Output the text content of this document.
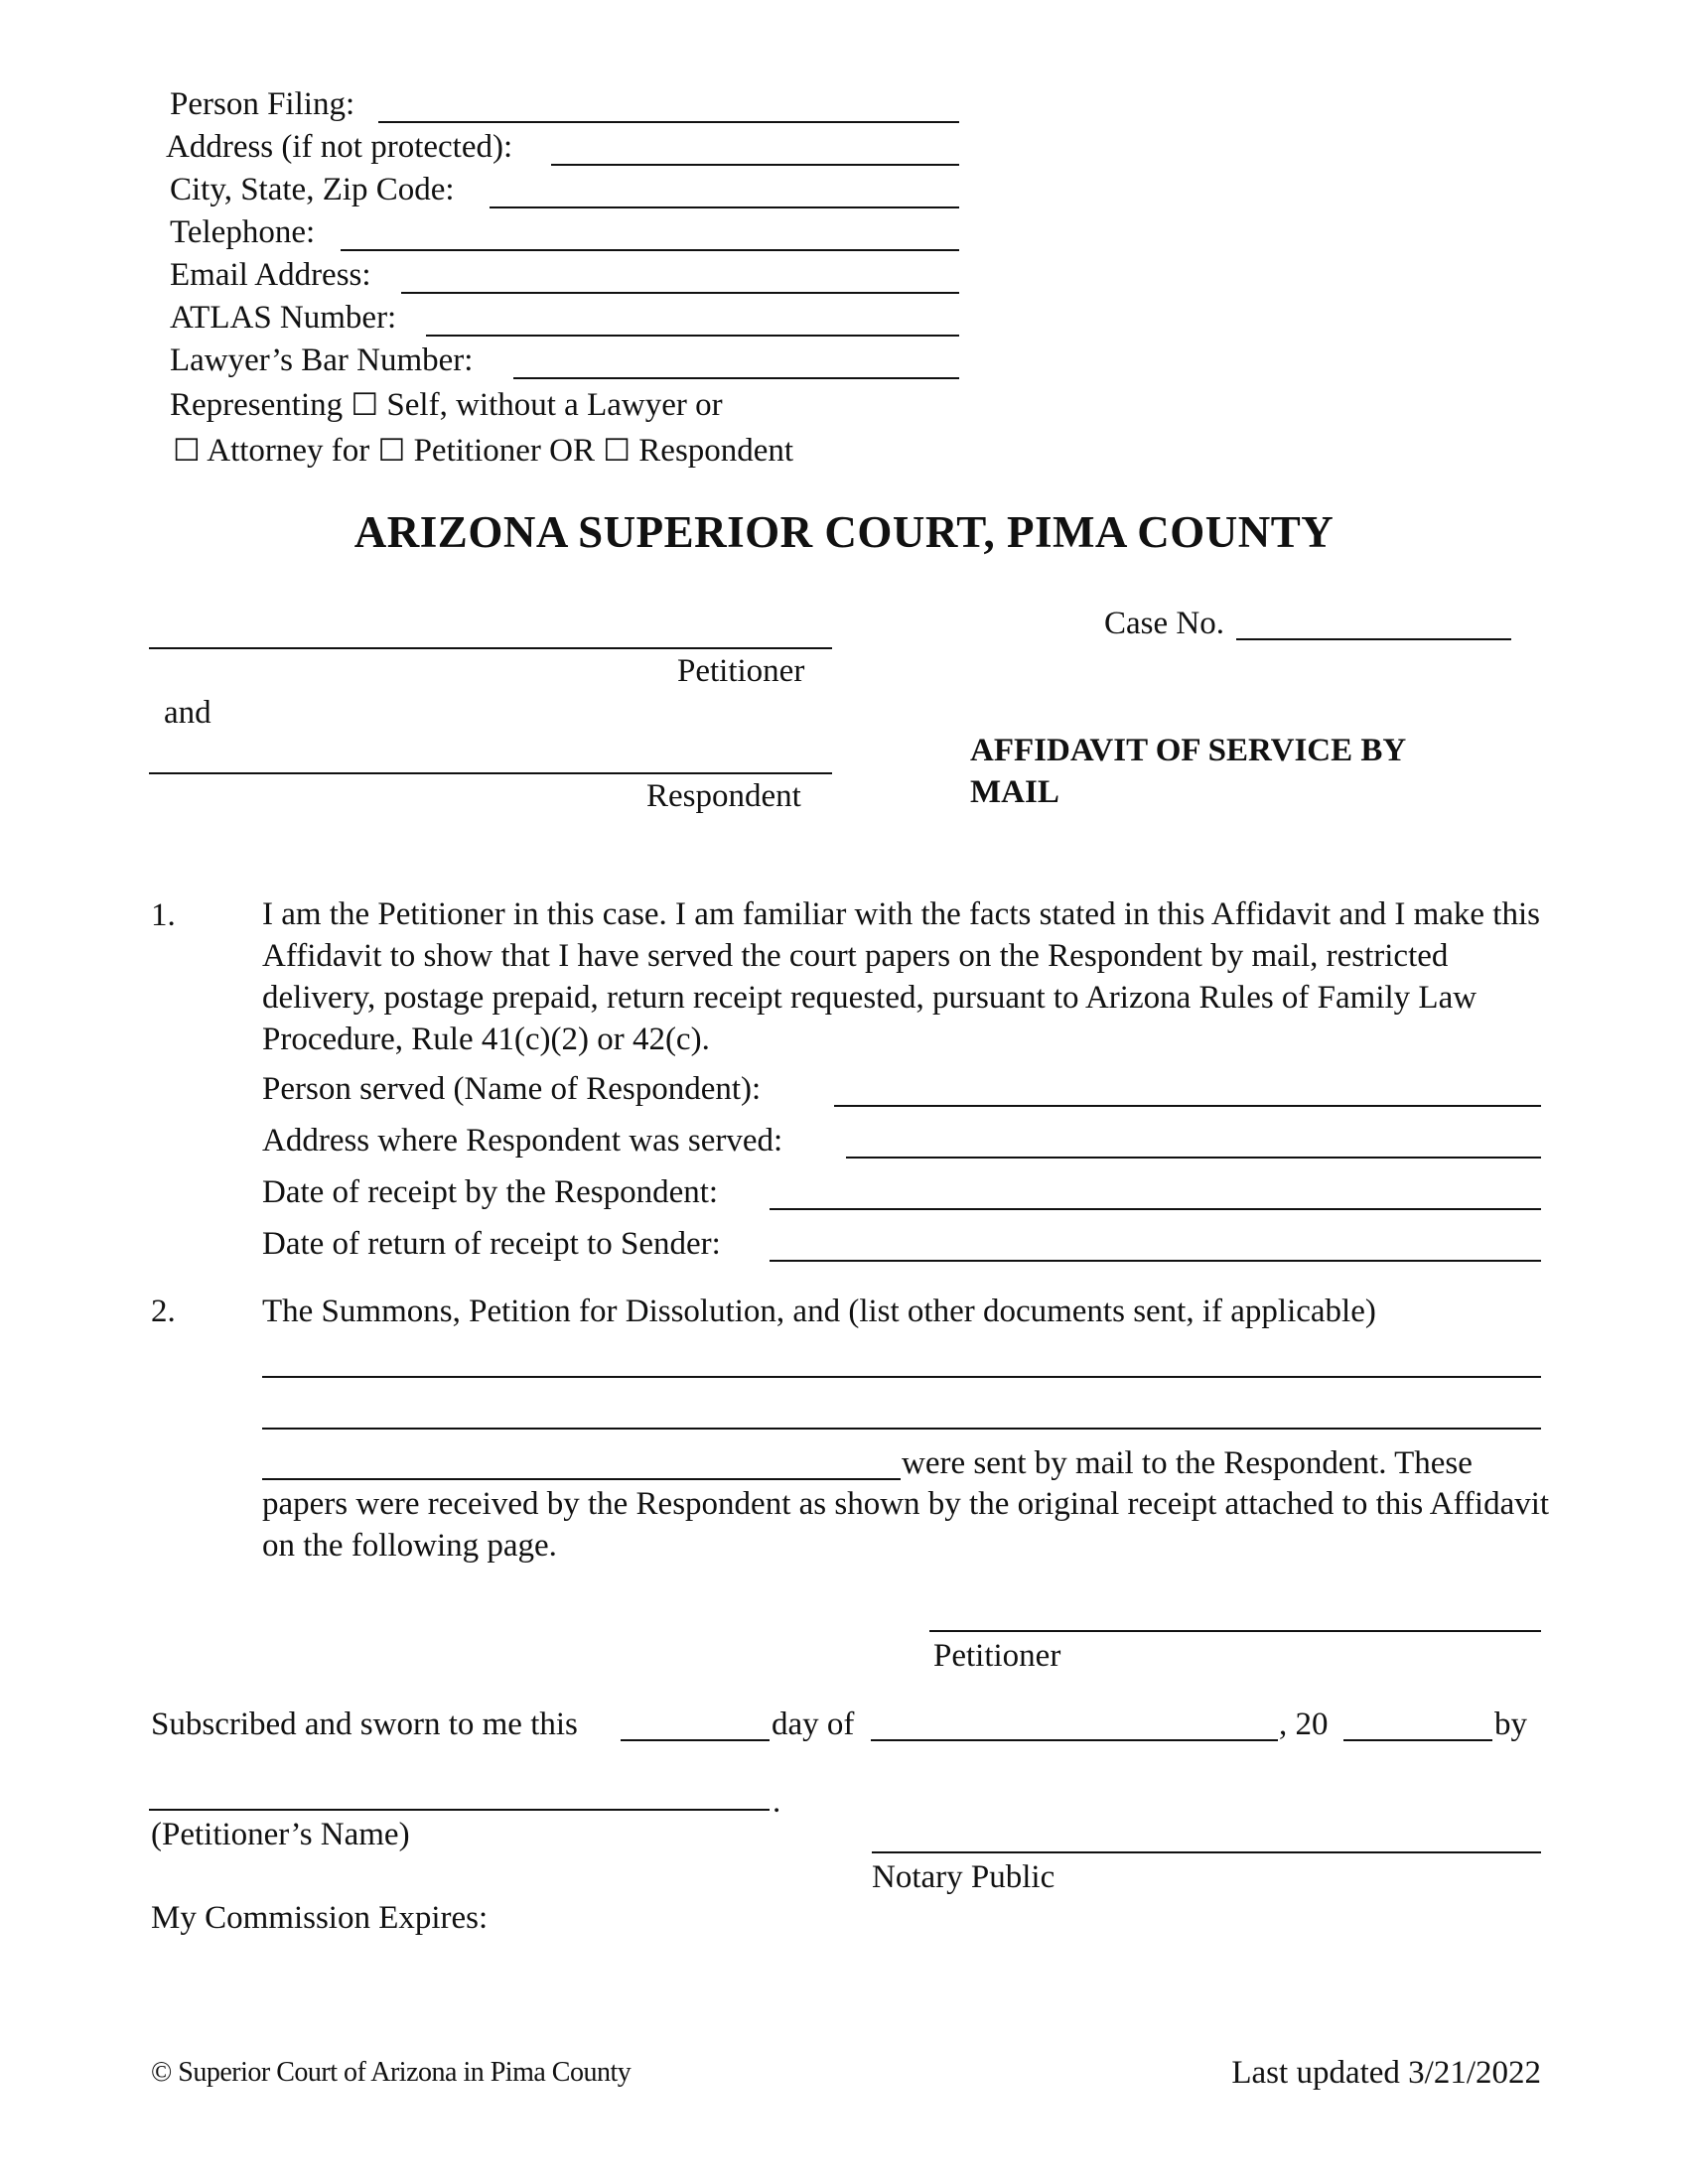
Person Filing:
Address (if not protected):
City, State, Zip Code:
Telephone:
Email Address:
ATLAS Number:
Lawyer’s Bar Number:
Representing ☐ Self, without a Lawyer or
☐ Attorney for ☐ Petitioner OR ☐ Respondent
ARIZONA SUPERIOR COURT, PIMA COUNTY
Case No.
Petitioner
and
Respondent
AFFIDAVIT OF SERVICE BY
MAIL
1.	I am the Petitioner in this case. I am familiar with the facts stated in this Affidavit and I make this Affidavit to show that I have served the court papers on the Respondent by mail, restricted delivery, postage prepaid, return receipt requested, pursuant to Arizona Rules of Family Law Procedure, Rule 41(c)(2) or 42(c).
Person served (Name of Respondent):
Address where Respondent was served:
Date of receipt by the Respondent:
Date of return of receipt to Sender:
2.	The Summons, Petition for Dissolution, and (list other documents sent, if applicable)
were sent by mail to the Respondent. These
papers were received by the Respondent as shown by the original receipt attached to this Affidavit on the following page.
Petitioner
Subscribed and sworn to me this	day of	, 20	by
.
(Petitioner’s Name)
Notary Public
My Commission Expires:
© Superior Court of Arizona in Pima County	Last updated 3/21/2022
